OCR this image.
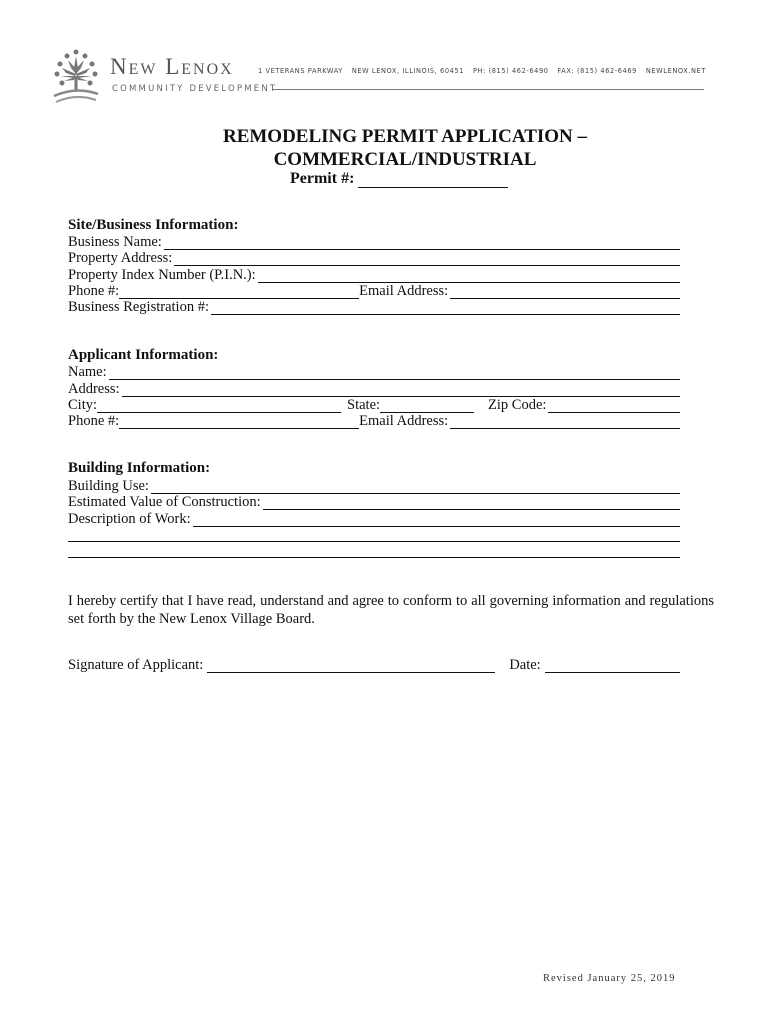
New Lenox
COMMUNITY DEVELOPMENT
1 VETERANS PARKWAY NEW LENOX, ILLINOIS, 60451 PH: (815) 462-6490 FAX: (815) 462-6469 NEWLENOX.NET
REMODELING PERMIT APPLICATION –
COMMERCIAL/INDUSTRIAL
Permit #:
Site/Business Information:
Business Name:
Property Address:
Property Index Number (P.I.N.):
Phone #:	Email Address:
Business Registration #:
Applicant Information:
Name:
Address:
City:	State:	Zip Code:
Phone #:	Email Address:
Building Information:
Building Use:
Estimated Value of Construction:
Description of Work:
I hereby certify that I have read, understand and agree to conform to all governing information and regulations set forth by the New Lenox Village Board.
Signature of Applicant:	Date:
Revised January 25, 2019
